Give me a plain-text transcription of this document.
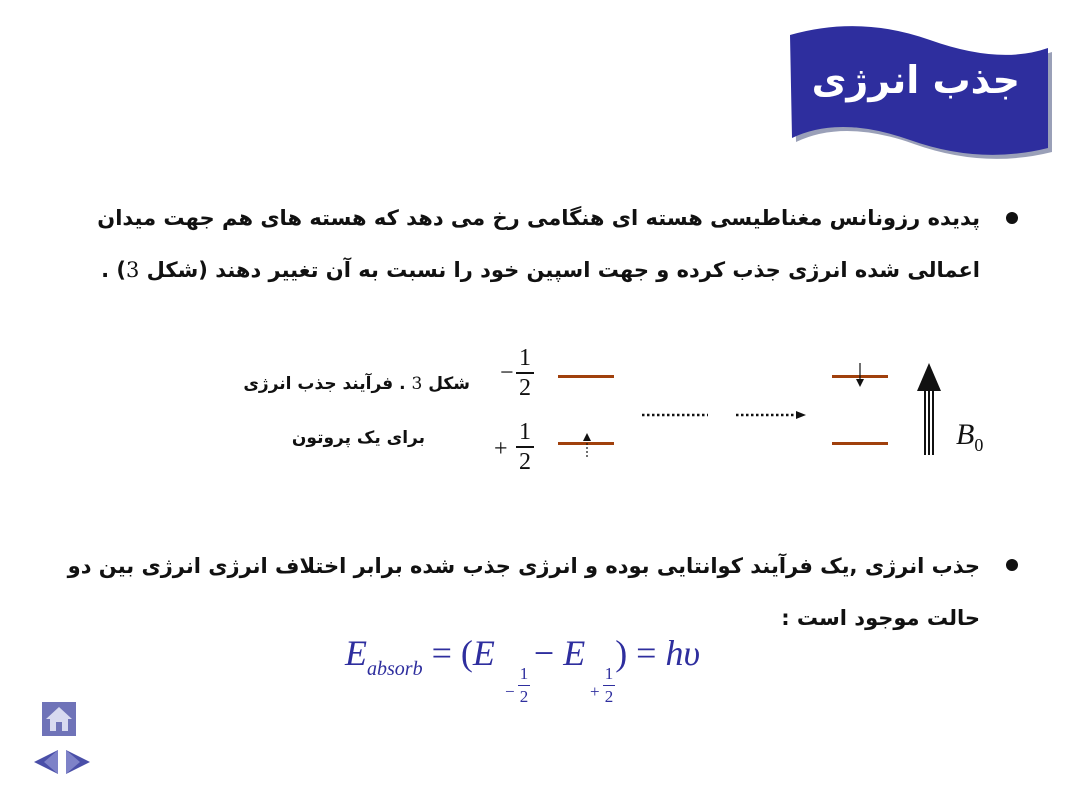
جذب انرژی
پدیده رزونانس مغناطیسی هسته ای هنگامی رخ می دهد که هسته های هم جهت میدان
اعمالی شده انرژی جذب کرده و جهت اسپین خود را نسبت به آن تغییر دهند (شکل 3) .
شکل 3 . فرآیند جذب انرژی
برای یک پروتون
−
1
2
+
1
2
$B_0$
جذب انرژی ,یک فرآیند کوانتایی بوده و انرژی جذب شده برابر اختلاف انرژی انرژی بین دو
حالت موجود است :
$E_{absorb} = (E - E$ ) = hυ
−
1
2	+
1
2
